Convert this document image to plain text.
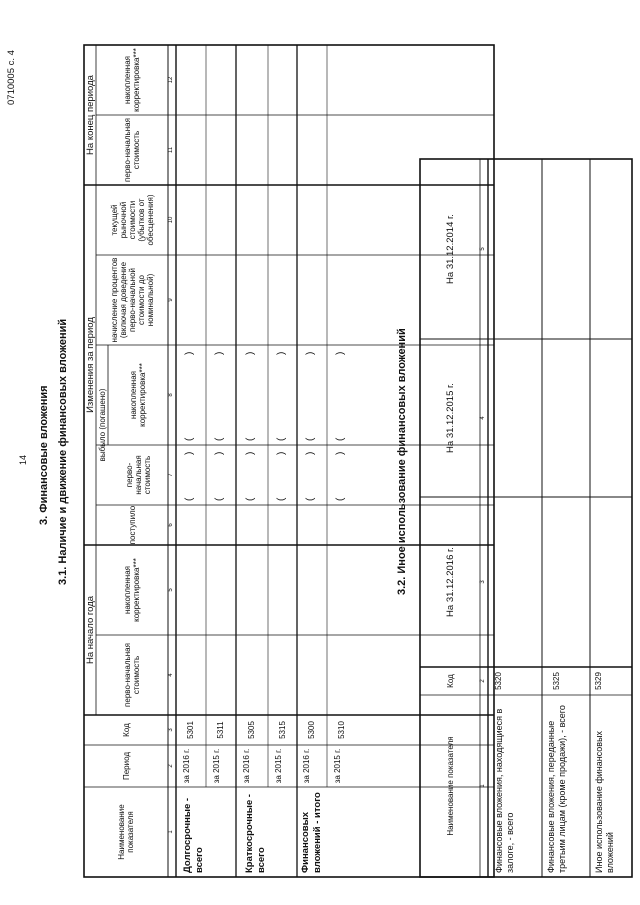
14
0710005 с. 4
3. Финансовые вложения 3.1. Наличие и движение финансовых вложений
Наименование показателя
Период
Код
На начало года
Изменения за период
На конец периода
перво-начальная стоимость
накопленная корректировка***
поступило
выбыло (погашено)
перво-начальная стоимость
накопленная корректировка***
начисление процентов (включая доведение перво-начальной стоимости до номинальной)
текущей рыночной стоимости (убытков от обесценения)
перво-начальная стоимость
накопленная корректировка***
1
2
3
4
5
6
7
8
9
10
11
12
Долгосрочные - всего
за 2016 г.
5301
за 2015 г.
5311
Краткосрочные - всего
за 2016 г.
5305
за 2015 г.
5315
Финансовых вложений - итого
за 2016 г.
5300
за 2015 г.
5310
(
)
(
)
(
)
(
)
(
)
(
)
(
)
(
)
(
)
(
)
(
)
(
)	3.2. Иное использование финансовых вложений
Наименование показателя
Код
На 31.12.2016 г.
На 31.12.2015 г.
На 31.12.2014 г.
1
2
3
4
5
Финансовые вложения, находящиеся в залоге, - всего
5320
Финансовые вложения, переданные третьим лицам (кроме продажи), - всего
5325
Иное использование финансовых вложений
5329
